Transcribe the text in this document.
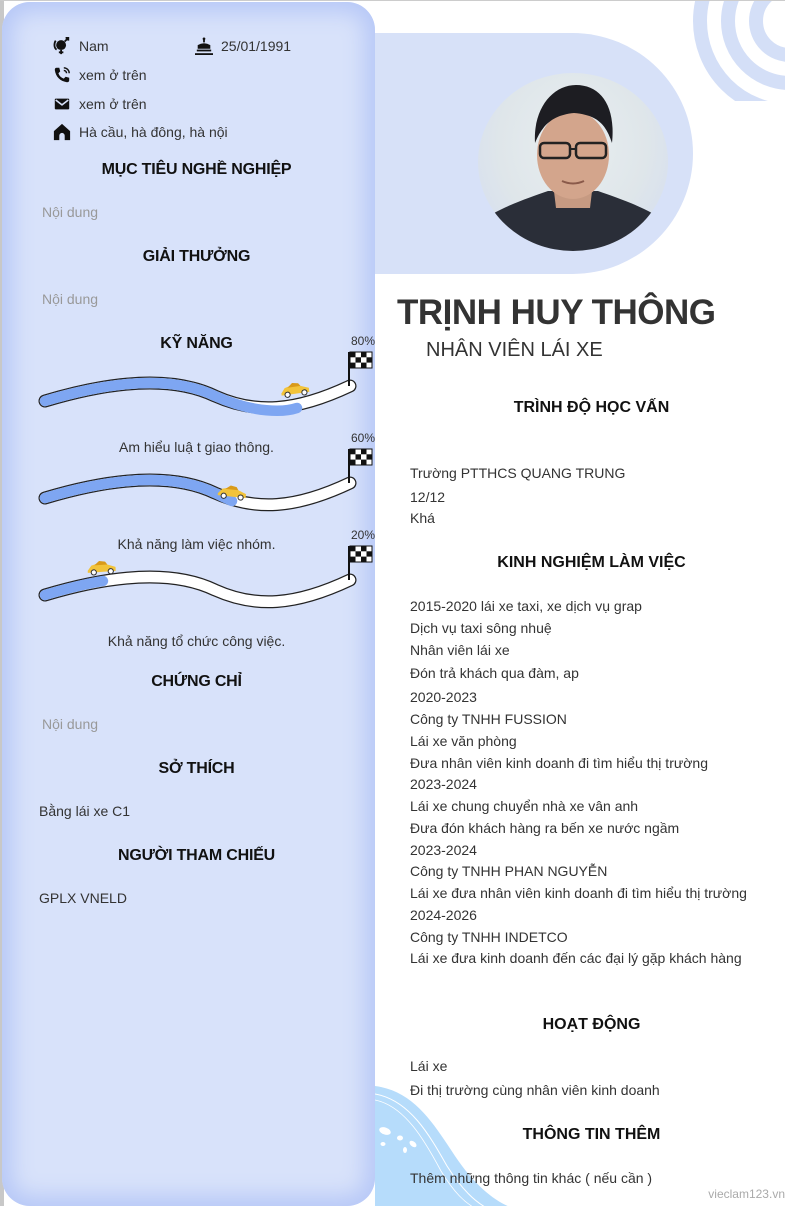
Nam	25/01/1991
xem ở trên
xem ở trên
Hà cầu, hà đông, hà nội
MỤC TIÊU NGHỀ NGHIỆP
Nội dung
GIẢI THƯỞNG
Nội dung
KỸ NĂNG	80%
Am hiểu luậ t giao thông.
60%
Khả năng làm việc nhóm.
20%
Khả năng tổ chức công việc.
CHỨNG CHỈ
Nội dung
SỞ THÍCH
Bằng lái xe C1
NGƯỜI THAM CHIẾU
GPLX VNELD
TRỊNH HUY THÔNG
NHÂN VIÊN LÁI XE
TRÌNH ĐỘ HỌC VẤN
Trường PTTHCS QUANG TRUNG
12/12
Khá
KINH NGHIỆM LÀM VIỆC
2015-2020 lái xe taxi, xe dịch vụ grap
Dịch vụ taxi sông nhuệ
Nhân viên lái xe
Đón trả khách qua đàm, ap
2020-2023
Công ty TNHH FUSSION
Lái xe văn phòng
Đưa nhân viên kinh doanh đi tìm hiểu thị trường
2023-2024
Lái xe chung chuyển nhà xe vân anh
Đưa đón khách hàng ra bến xe nước ngầm
2023-2024
Công ty TNHH PHAN NGUYỄN
Lái xe đưa nhân viên kinh doanh đi tìm hiểu thị trường
2024-2026
Công ty TNHH INDETCO
Lái xe đưa kinh doanh đến các đại lý gặp khách hàng
HOẠT ĐỘNG
Lái xe
Đi thị trường cùng nhân viên kinh doanh
THÔNG TIN THÊM
Thêm những thông tin khác ( nếu cần )
vieclam123.vn
